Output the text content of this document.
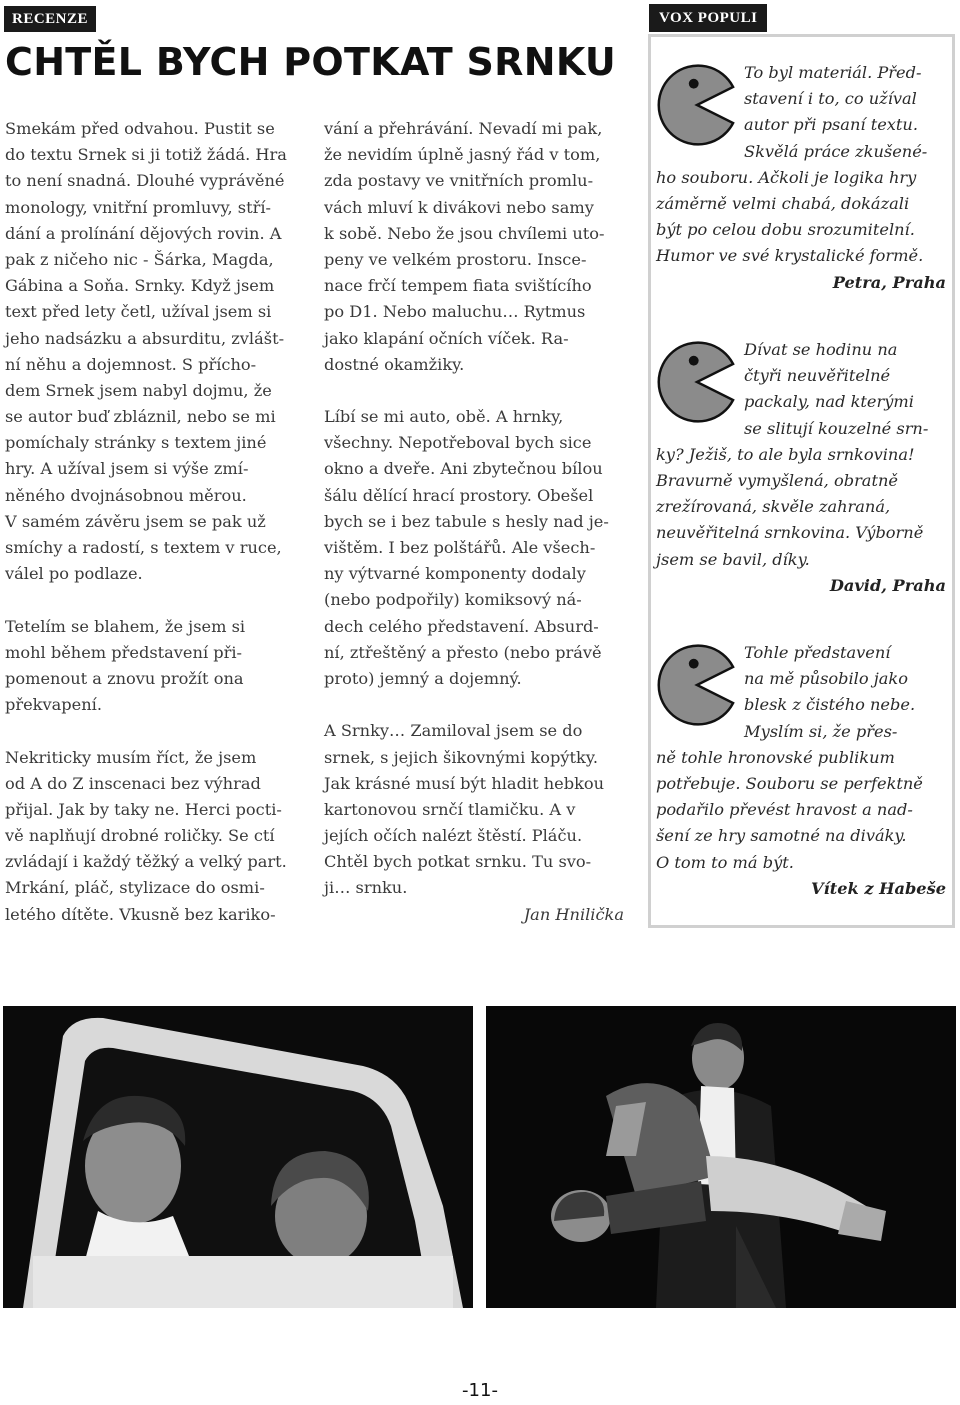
RECENZE
CHTĚL BYCH POTKAT SRNKU
Smekám před odvahou. Pustit se
do textu Srnek si ji totiž žádá. Hra
to není snadná. Dlouhé vyprávěné
monology, vnitřní promluvy, stří-
dání a prolínání dějových rovin. A
pak z ničeho nic - Šárka, Magda,
Gábina a Soňa. Srnky. Když jsem
text před lety četl, užíval jsem si
jeho nadsázku a absurditu, zvlášt-
ní něhu a dojemnost. S přícho-
dem Srnek jsem nabyl dojmu, že
se autor buď zbláznil, nebo se mi
pomíchaly stránky s textem jiné
hry. A užíval jsem si výše zmí-
něného dvojnásobnou měrou.
V samém závěru jsem se pak už
smíchy a radostí, s textem v ruce,
válel po podlaze.
Tetelím se blahem, že jsem si
mohl během představení při-
pomenout a znovu prožít ona
překvapení.
Nekriticky musím říct, že jsem
od A do Z inscenaci bez výhrad
přijal. Jak by taky ne. Herci pocti-
vě naplňují drobné roličky. Se ctí
zvládají i každý těžký a velký part.
Mrkání, pláč, stylizace do osmi-
letého dítěte. Vkusně bez kariko-
vání a přehrávání. Nevadí mi pak,
že nevidím úplně jasný řád v tom,
zda postavy ve vnitřních promlu-
vách mluví k divákovi nebo samy
k sobě. Nebo že jsou chvílemi uto-
peny ve velkém prostoru. Insce-
nace frčí tempem fiata svištícího
po D1. Nebo maluchu… Rytmus
jako klapání očních víček. Ra-
dostné okamžiky.
Líbí se mi auto, obě. A hrnky,
všechny. Nepotřeboval bych sice
okno a dveře. Ani zbytečnou bílou
šálu dělící hrací prostory. Obešel
bych se i bez tabule s hesly nad je-
vištěm. I bez polštářů. Ale všech-
ny výtvarné komponenty dodaly
(nebo podpořily) komiksový ná-
dech celého představení. Absurd-
ní, ztřeštěný a přesto (nebo právě
proto) jemný a dojemný.
A Srnky… Zamiloval jsem se do
srnek, s jejich šikovnými kopýtky.
Jak krásné musí být hladit hebkou
kartonovou srnčí tlamičku. A v
jejích očích nalézt štěstí. Pláču.
Chtěl bych potkat srnku. Tu svo-
ji… srnku.
Jan Hnilička
VOX POPULI
To byl materiál. Před-
stavení i to, co užíval
autor při psaní textu.
Skvělá práce zkušené-
ho souboru. Ačkoli je logika hry
záměrně velmi chabá, dokázali
být po celou dobu srozumitelní.
Humor ve své krystalické formě.
Petra, Praha
Dívat se hodinu na
čtyři neuvěřitelné
packaly, nad kterými
se slitují kouzelné srn-
ky? Ježiš, to ale byla srnkovina!
Bravurně vymyšlená, obratně
zrežírovaná, skvěle zahraná,
neuvěřitelná srnkovina. Výborně
jsem se bavil, díky.
David, Praha
Tohle představení
na mě působilo jako
blesk z čistého nebe.
Myslím si, že přes-
ně tohle hronovské publikum
potřebuje. Souboru se perfektně
podařilo převést hravost a nad-
šení ze hry samotné na diváky.
O tom to má být.
Vítek z Habeše
-11-
